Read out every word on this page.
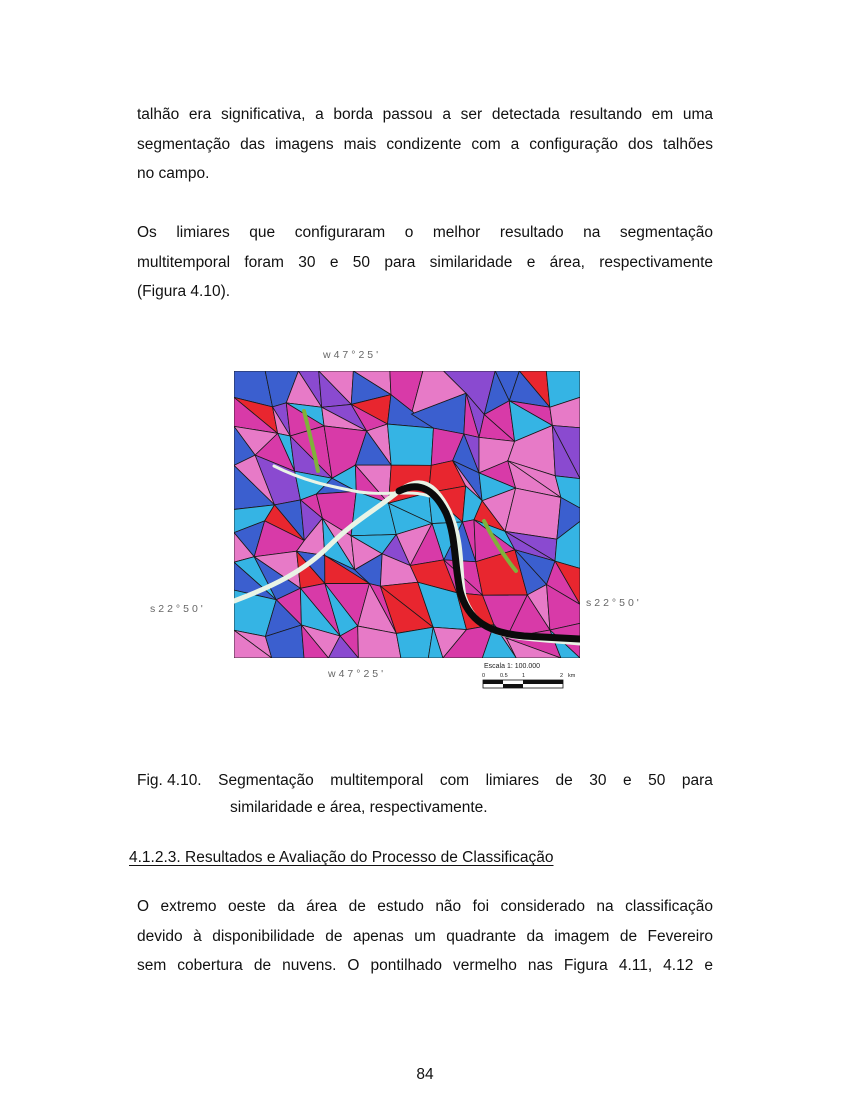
talhão era significativa, a borda passou a ser detectada resultando em uma
segmentação das imagens mais condizente com a configuração dos talhões
no campo.

Os limiares que configuraram o melhor resultado na segmentação
multitemporal foram 30 e 50 para similaridade e área, respectivamente
(Figura 4.10).

w47°25'
s22°50'	s22°50'
w47°25'
Escala 1: 100.000
0	0.5	1	2 km
Fig. 4.10. Segmentação multitemporal com limiares de 30 e 50 para
similaridade e área, respectivamente.
4.1.2.3. Resultados e Avaliação do Processo de Classificação

O extremo oeste da área de estudo não foi considerado na classificação
devido à disponibilidade de apenas um quadrante da imagem de Fevereiro
sem cobertura de nuvens. O pontilhado vermelho nas Figura 4.11, 4.12 e

84
